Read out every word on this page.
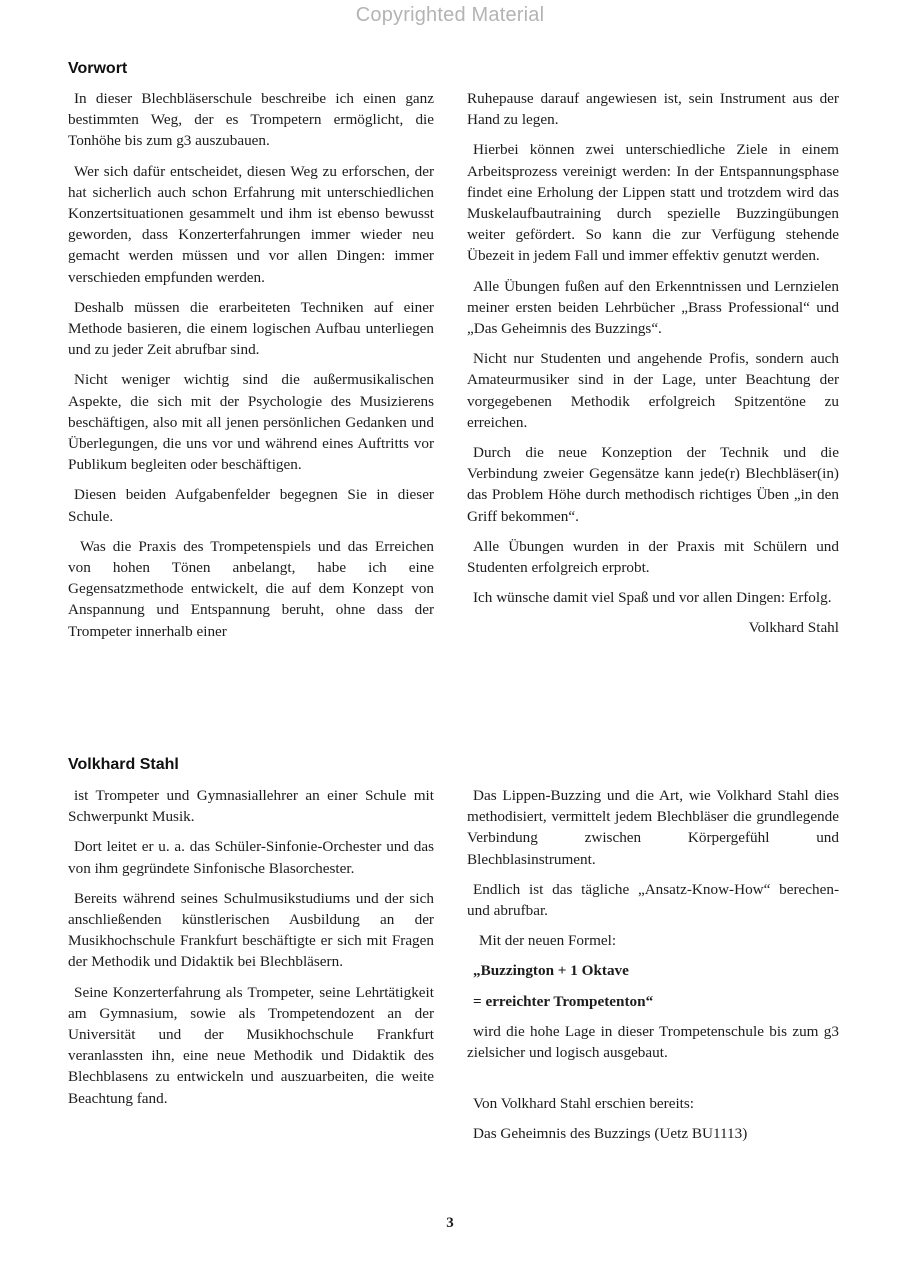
Copyrighted Material
Vorwort

In dieser Blechbläserschule beschreibe ich einen ganz bestimmten Weg, der es Trompetern ermöglicht, die Tonhöhe bis zum g3 auszubauen.

Wer sich dafür entscheidet, diesen Weg zu erforschen, der hat sicherlich auch schon Erfahrung mit unterschiedlichen Konzertsituationen gesammelt und ihm ist ebenso bewusst geworden, dass Konzerterfahrungen immer wieder neu gemacht werden müssen und vor allen Dingen: immer verschieden empfunden werden.

Deshalb müssen die erarbeiteten Techniken auf einer Methode basieren, die einem logischen Aufbau unterliegen und zu jeder Zeit abrufbar sind.

Nicht weniger wichtig sind die außermusikalischen Aspekte, die sich mit der Psychologie des Musizierens beschäftigen, also mit all jenen persönlichen Gedanken und Überlegungen, die uns vor und während eines Auftritts vor Publikum begleiten oder beschäftigen.

Diesen beiden Aufgabenfelder begegnen Sie in dieser Schule.

Was die Praxis des Trompetenspiels und das Erreichen von hohen Tönen anbelangt, habe ich eine Gegensatzmethode entwickelt, die auf dem Konzept von Anspannung und Entspannung beruht, ohne dass der Trompeter innerhalb einer

Ruhepause darauf angewiesen ist, sein Instrument aus der Hand zu legen.

Hierbei können zwei unterschiedliche Ziele in einem Arbeitsprozess vereinigt werden: In der Entspannungsphase findet eine Erholung der Lippen statt und trotzdem wird das Muskelaufbautraining durch spezielle Buzzingübungen weiter gefördert. So kann die zur Verfügung stehende Übezeit in jedem Fall und immer effektiv genutzt werden.

Alle Übungen fußen auf den Erkenntnissen und Lernzielen meiner ersten beiden Lehrbücher „Brass Professional“ und „Das Geheimnis des Buzzings“.

Nicht nur Studenten und angehende Profis, sondern auch Amateurmusiker sind in der Lage, unter Beachtung der vorgegebenen Methodik erfolgreich Spitzentöne zu erreichen.

Durch die neue Konzeption der Technik und die Verbindung zweier Gegensätze kann jede(r) Blechbläser(in) das Problem Höhe durch methodisch richtiges Üben „in den Griff bekommen“.

Alle Übungen wurden in der Praxis mit Schülern und Studenten erfolgreich erprobt.

Ich wünsche damit viel Spaß und vor allen Dingen: Erfolg.

Volkhard Stahl

Volkhard Stahl

ist Trompeter und Gymnasiallehrer an einer Schule mit Schwerpunkt Musik.

Dort leitet er u. a. das Schüler-Sinfonie-Orchester und das von ihm gegründete Sinfonische Blasorchester.

Bereits während seines Schulmusikstudiums und der sich anschließenden künstlerischen Ausbildung an der Musikhochschule Frankfurt beschäftigte er sich mit Fragen der Methodik und Didaktik bei Blechbläsern.

Seine Konzerterfahrung als Trompeter, seine Lehrtätigkeit am Gymnasium, sowie als Trompetendozent an der Universität und der Musikhochschule Frankfurt veranlassten ihn, eine neue Methodik und Didaktik des Blechblasens zu entwickeln und auszuarbeiten, die weite Beachtung fand.

Das Lippen-Buzzing und die Art, wie Volkhard Stahl dies methodisiert, vermittelt jedem Blechbläser die grundlegende Verbindung zwischen Körpergefühl und Blechblasinstrument.

Endlich ist das tägliche „Ansatz-Know-How“ berechen- und abrufbar.

Mit der neuen Formel:

„Buzzington + 1 Oktave

= erreichter Trompetenton“

wird die hohe Lage in dieser Trompetenschule bis zum g3 zielsicher und logisch ausgebaut.

Von Volkhard Stahl erschien bereits:

Das Geheimnis des Buzzings (Uetz BU1113)

3
